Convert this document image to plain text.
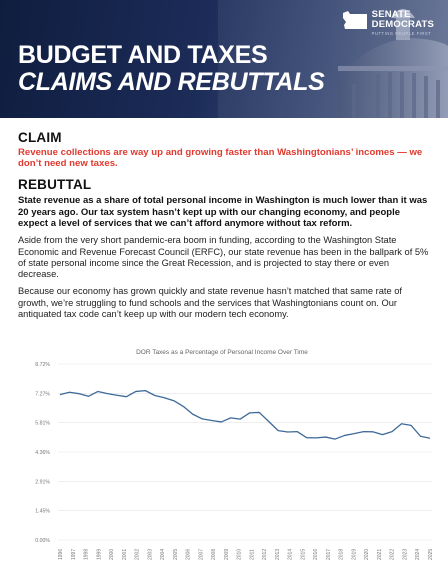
BUDGET AND TAXES
CLAIMS AND REBUTTALS
SENATE
DEMOCRATS
PUTTING PEOPLE FIRST
CLAIM
Revenue collections are way up and growing faster than Washingtonians’ incomes — we don’t need new taxes.
REBUTTAL
State revenue as a share of total personal income in Washington is much lower than it was 20 years ago. Our tax system hasn’t kept up with our changing economy, and people expect a level of services that we can’t afford anymore without tax reform.
Aside from the very short pandemic-era boom in funding, according to the Washington State Economic and Revenue Forecast Council (ERFC), our state revenue has been in the ballpark of 5% of state personal income since the Great Recession, and is projected to stay there or even decrease.
Because our economy has grown quickly and state revenue hasn’t matched that same rate of growth, we’re struggling to fund schools and the services that Washingtonians count on. Our antiquated tax code can’t keep up with our modern tech economy.
DOR Taxes as a Percentage of Personal Income Over Time
8.72%
7.27%
5.81%
4.36%
2.91%
1.45%
0.00%
1996 1997 1998 1999 2000 2001 2002 2003 2004 2005 2006 2007 2008 2009 2010 2011 2012 2013 2014 2015 2016 2017 2018 2019 2020 2021 2022 2023 2024 2025
